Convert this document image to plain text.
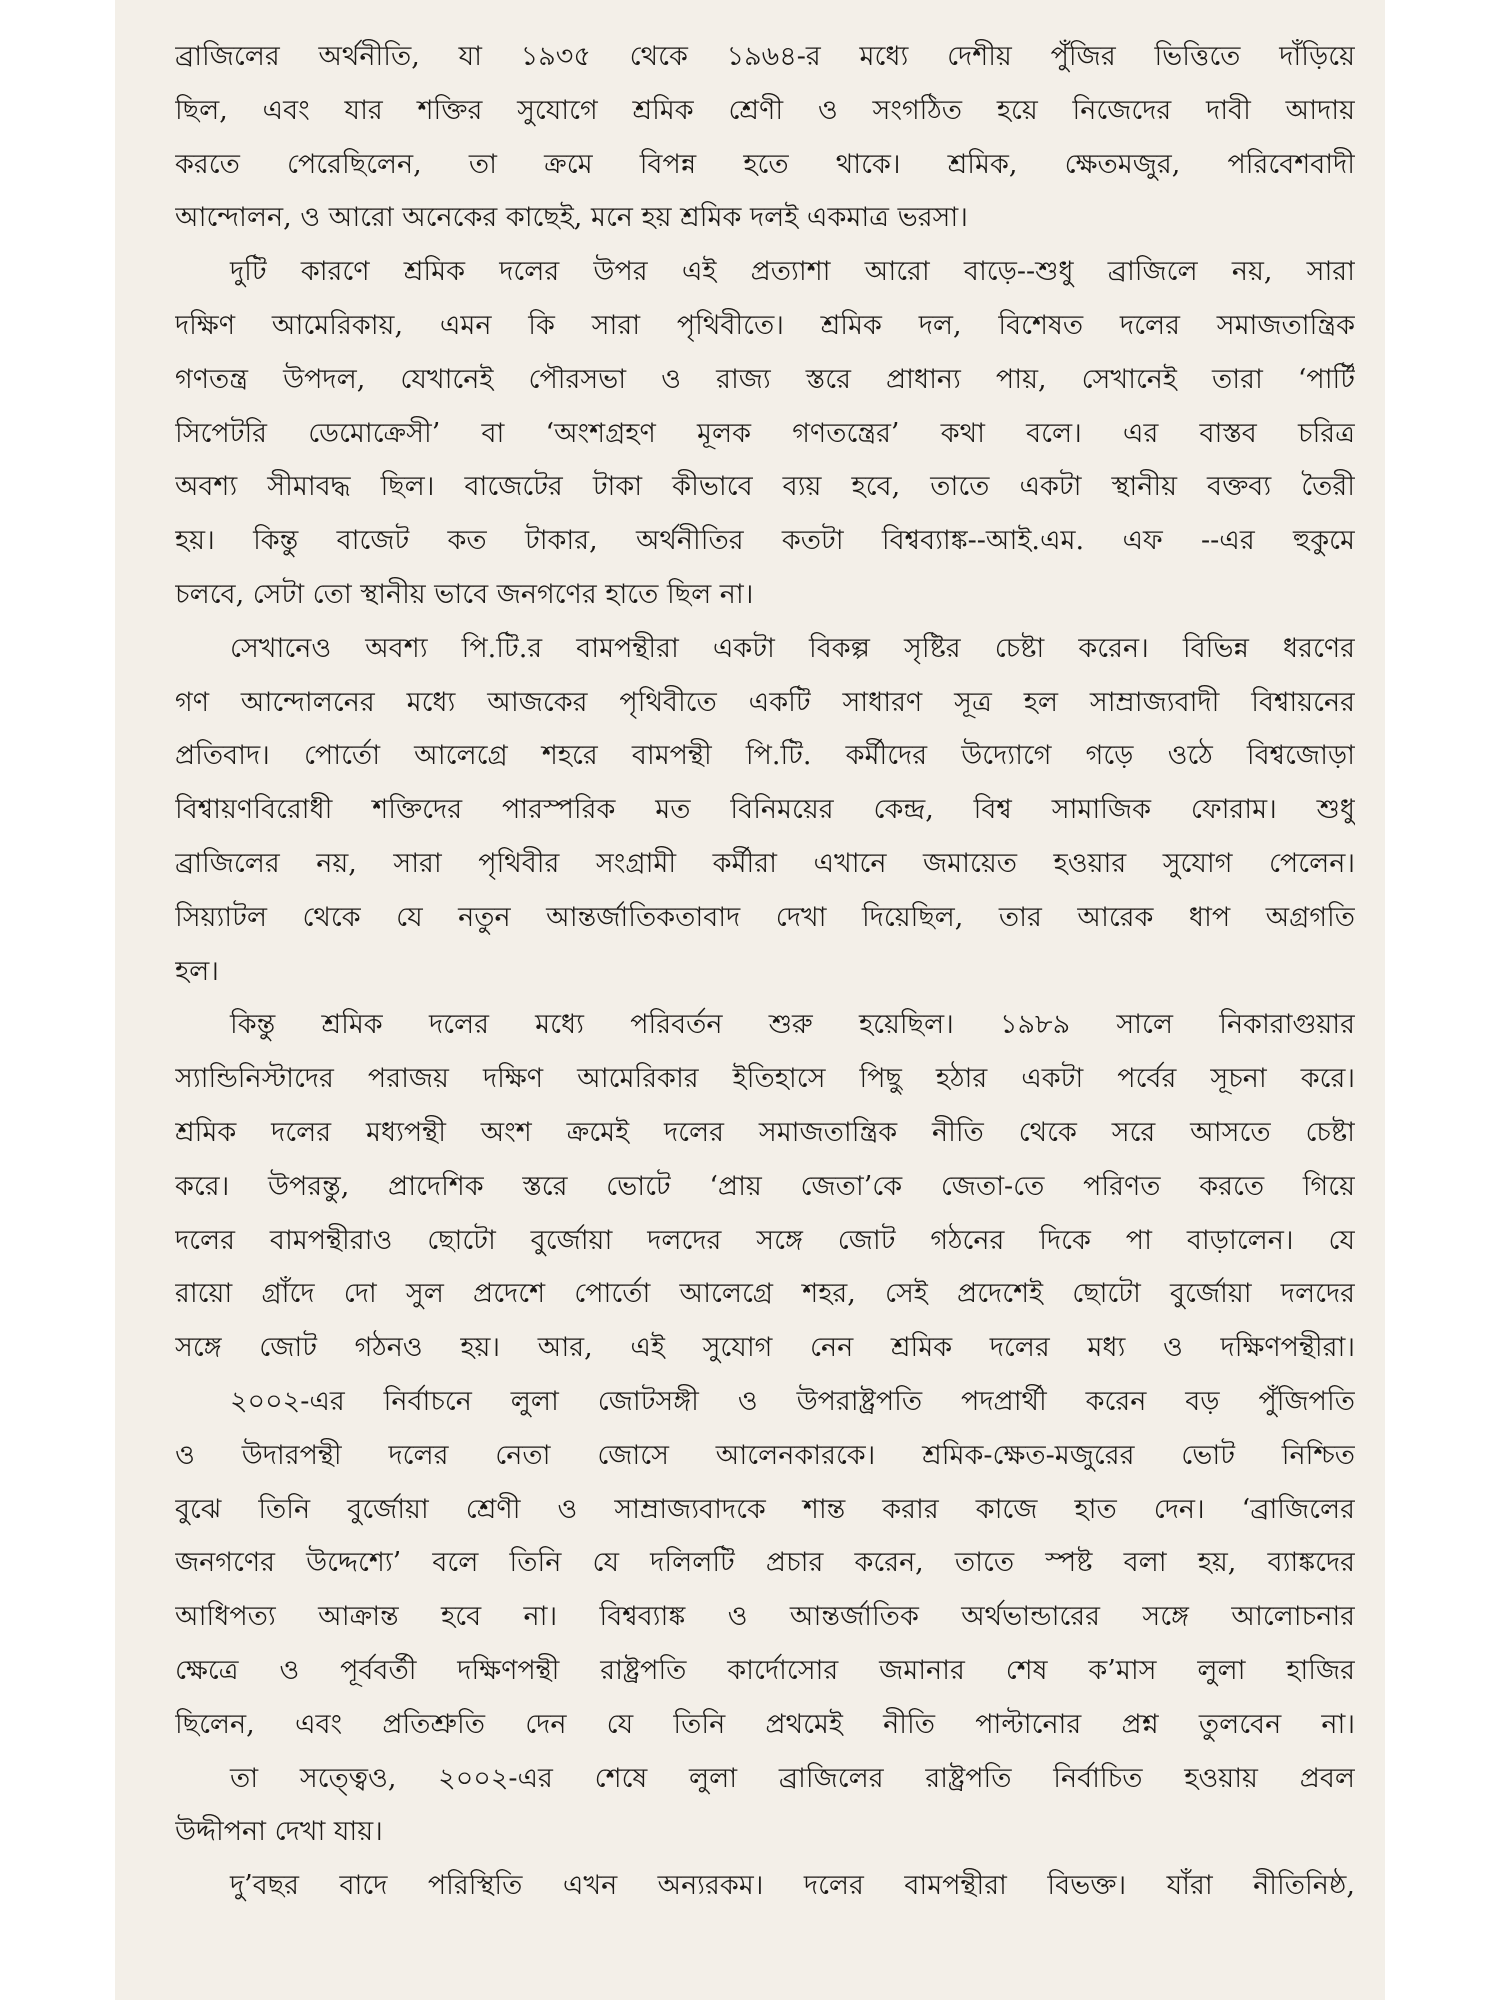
ব্রাজিলের অর্থনীতি, যা ১৯৩৫ থেকে ১৯৬৪-র মধ্যে দেশীয় পুঁজির ভিত্তিতে দাঁড়িয়ে
ছিল, এবং যার শক্তির সুযোগে শ্রমিক শ্রেণী ও সংগঠিত হয়ে নিজেদের দাবী আদায়
করতে পেরেছিলেন, তা ক্রমে বিপন্ন হতে থাকে। শ্রমিক, ক্ষেতমজুর, পরিবেশবাদী
আন্দোলন, ও আরো অনেকের কাছেই, মনে হয় শ্রমিক দলই একমাত্র ভরসা।
দুটি কারণে শ্রমিক দলের উপর এই প্রত্যাশা আরো বাড়ে--শুধু ব্রাজিলে নয়, সারা
দক্ষিণ আমেরিকায়, এমন কি সারা পৃথিবীতে। শ্রমিক দল, বিশেষত দলের সমাজতান্ত্রিক
গণতন্ত্র উপদল, যেখানেই পৌরসভা ও রাজ্য স্তরে প্রাধান্য পায়, সেখানেই তারা ‘পার্টি
সিপেটরি ডেমোক্রেসী’ বা ‘অংশগ্রহণ মূলক গণতন্ত্রের’ কথা বলে। এর বাস্তব চরিত্র
অবশ্য সীমাবদ্ধ ছিল। বাজেটের টাকা কীভাবে ব্যয় হবে, তাতে একটা স্থানীয় বক্তব্য তৈরী
হয়। কিন্তু বাজেট কত টাকার, অর্থনীতির কতটা বিশ্বব্যাঙ্ক--আই.এম. এফ --এর হুকুমে
চলবে, সেটা তো স্থানীয় ভাবে জনগণের হাতে ছিল না।
সেখানেও অবশ্য পি.টি.র বামপন্থীরা একটা বিকল্প সৃষ্টির চেষ্টা করেন। বিভিন্ন ধরণের
গণ আন্দোলনের মধ্যে আজকের পৃথিবীতে একটি সাধারণ সূত্র হল সাম্রাজ্যবাদী বিশ্বায়নের
প্রতিবাদ। পোর্তো আলেগ্রে শহরে বামপন্থী পি.টি. কর্মীদের উদ্যোগে গড়ে ওঠে বিশ্বজোড়া
বিশ্বায়ণবিরোধী শক্তিদের পারস্পরিক মত বিনিময়ের কেন্দ্র, বিশ্ব সামাজিক ফোরাম। শুধু
ব্রাজিলের নয়, সারা পৃথিবীর সংগ্রামী কর্মীরা এখানে জমায়েত হওয়ার সুযোগ পেলেন।
সিয়্যাটল থেকে যে নতুন আন্তর্জাতিকতাবাদ দেখা দিয়েছিল, তার আরেক ধাপ অগ্রগতি
হল।
কিন্তু শ্রমিক দলের মধ্যে পরিবর্তন শুরু হয়েছিল। ১৯৮৯ সালে নিকারাগুয়ার
স্যান্ডিনিস্টাদের পরাজয় দক্ষিণ আমেরিকার ইতিহাসে পিছু হঠার একটা পর্বের সূচনা করে।
শ্রমিক দলের মধ্যপন্থী অংশ ক্রমেই দলের সমাজতান্ত্রিক নীতি থেকে সরে আসতে চেষ্টা
করে। উপরন্তু, প্রাদেশিক স্তরে ভোটে ‘প্রায় জেতা’কে জেতা-তে পরিণত করতে গিয়ে
দলের বামপন্থীরাও ছোটো বুর্জোয়া দলদের সঙ্গে জোট গঠনের দিকে পা বাড়ালেন। যে
রায়ো গ্রাঁদে দো সুল প্রদেশে পোর্তো আলেগ্রে শহর, সেই প্রদেশেই ছোটো বুর্জোয়া দলদের
সঙ্গে জোট গঠনও হয়। আর, এই সুযোগ নেন শ্রমিক দলের মধ্য ও দক্ষিণপন্থীরা।
২০০২-এর নির্বাচনে লুলা জোটসঙ্গী ও উপরাষ্ট্রপতি পদপ্রার্থী করেন বড় পুঁজিপতি
ও উদারপন্থী দলের নেতা জোসে আলেনকারকে। শ্রমিক-ক্ষেত-মজুরের ভোট নিশ্চিত
বুঝে তিনি বুর্জোয়া শ্রেণী ও সাম্রাজ্যবাদকে শান্ত করার কাজে হাত দেন। ‘ব্রাজিলের
জনগণের উদ্দেশ্যে’ বলে তিনি যে দলিলটি প্রচার করেন, তাতে স্পষ্ট বলা হয়, ব্যাঙ্কদের
আধিপত্য আক্রান্ত হবে না। বিশ্বব্যাঙ্ক ও আন্তর্জাতিক অর্থভান্ডারের সঙ্গে আলোচনার
ক্ষেত্রে ও পূর্ববর্তী দক্ষিণপন্থী রাষ্ট্রপতি কার্দোসোর জমানার শেষ ক’মাস লুলা হাজির
ছিলেন, এবং প্রতিশ্রুতি দেন যে তিনি প্রথমেই নীতি পাল্টানোর প্রশ্ন তুলবেন না।
তা সত্ত্বেও, ২০০২-এর শেষে লুলা ব্রাজিলের রাষ্ট্রপতি নির্বাচিত হওয়ায় প্রবল
উদ্দীপনা দেখা যায়।
দু’বছর বাদে পরিস্থিতি এখন অন্যরকম। দলের বামপন্থীরা বিভক্ত। যাঁরা নীতিনিষ্ঠ,
